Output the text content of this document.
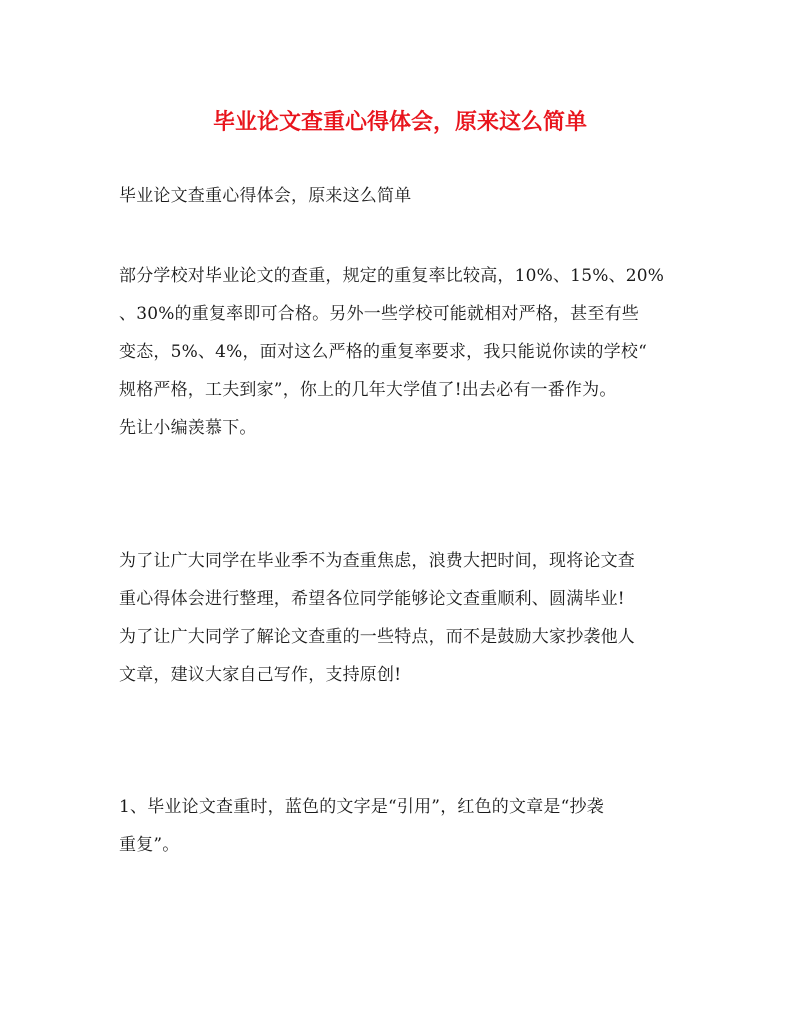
毕业论文查重心得体会，原来这么简单

毕业论文查重心得体会，原来这么简单

部分学校对毕业论文的查重，规定的重复率比较高，10%、15%、20%
、30%的重复率即可合格。另外一些学校可能就相对严格，甚至有些
变态，5%、4%，面对这么严格的重复率要求，我只能说你读的学校“
规格严格，工夫到家”，你上的几年大学值了!出去必有一番作为。
先让小编羡慕下。

为了让广大同学在毕业季不为查重焦虑，浪费大把时间，现将论文查
重心得体会进行整理，希望各位同学能够论文查重顺利、圆满毕业!
为了让广大同学了解论文查重的一些特点，而不是鼓励大家抄袭他人
文章，建议大家自己写作，支持原创!

1、毕业论文查重时，蓝色的文字是“引用”，红色的文章是“抄袭
重复”。
